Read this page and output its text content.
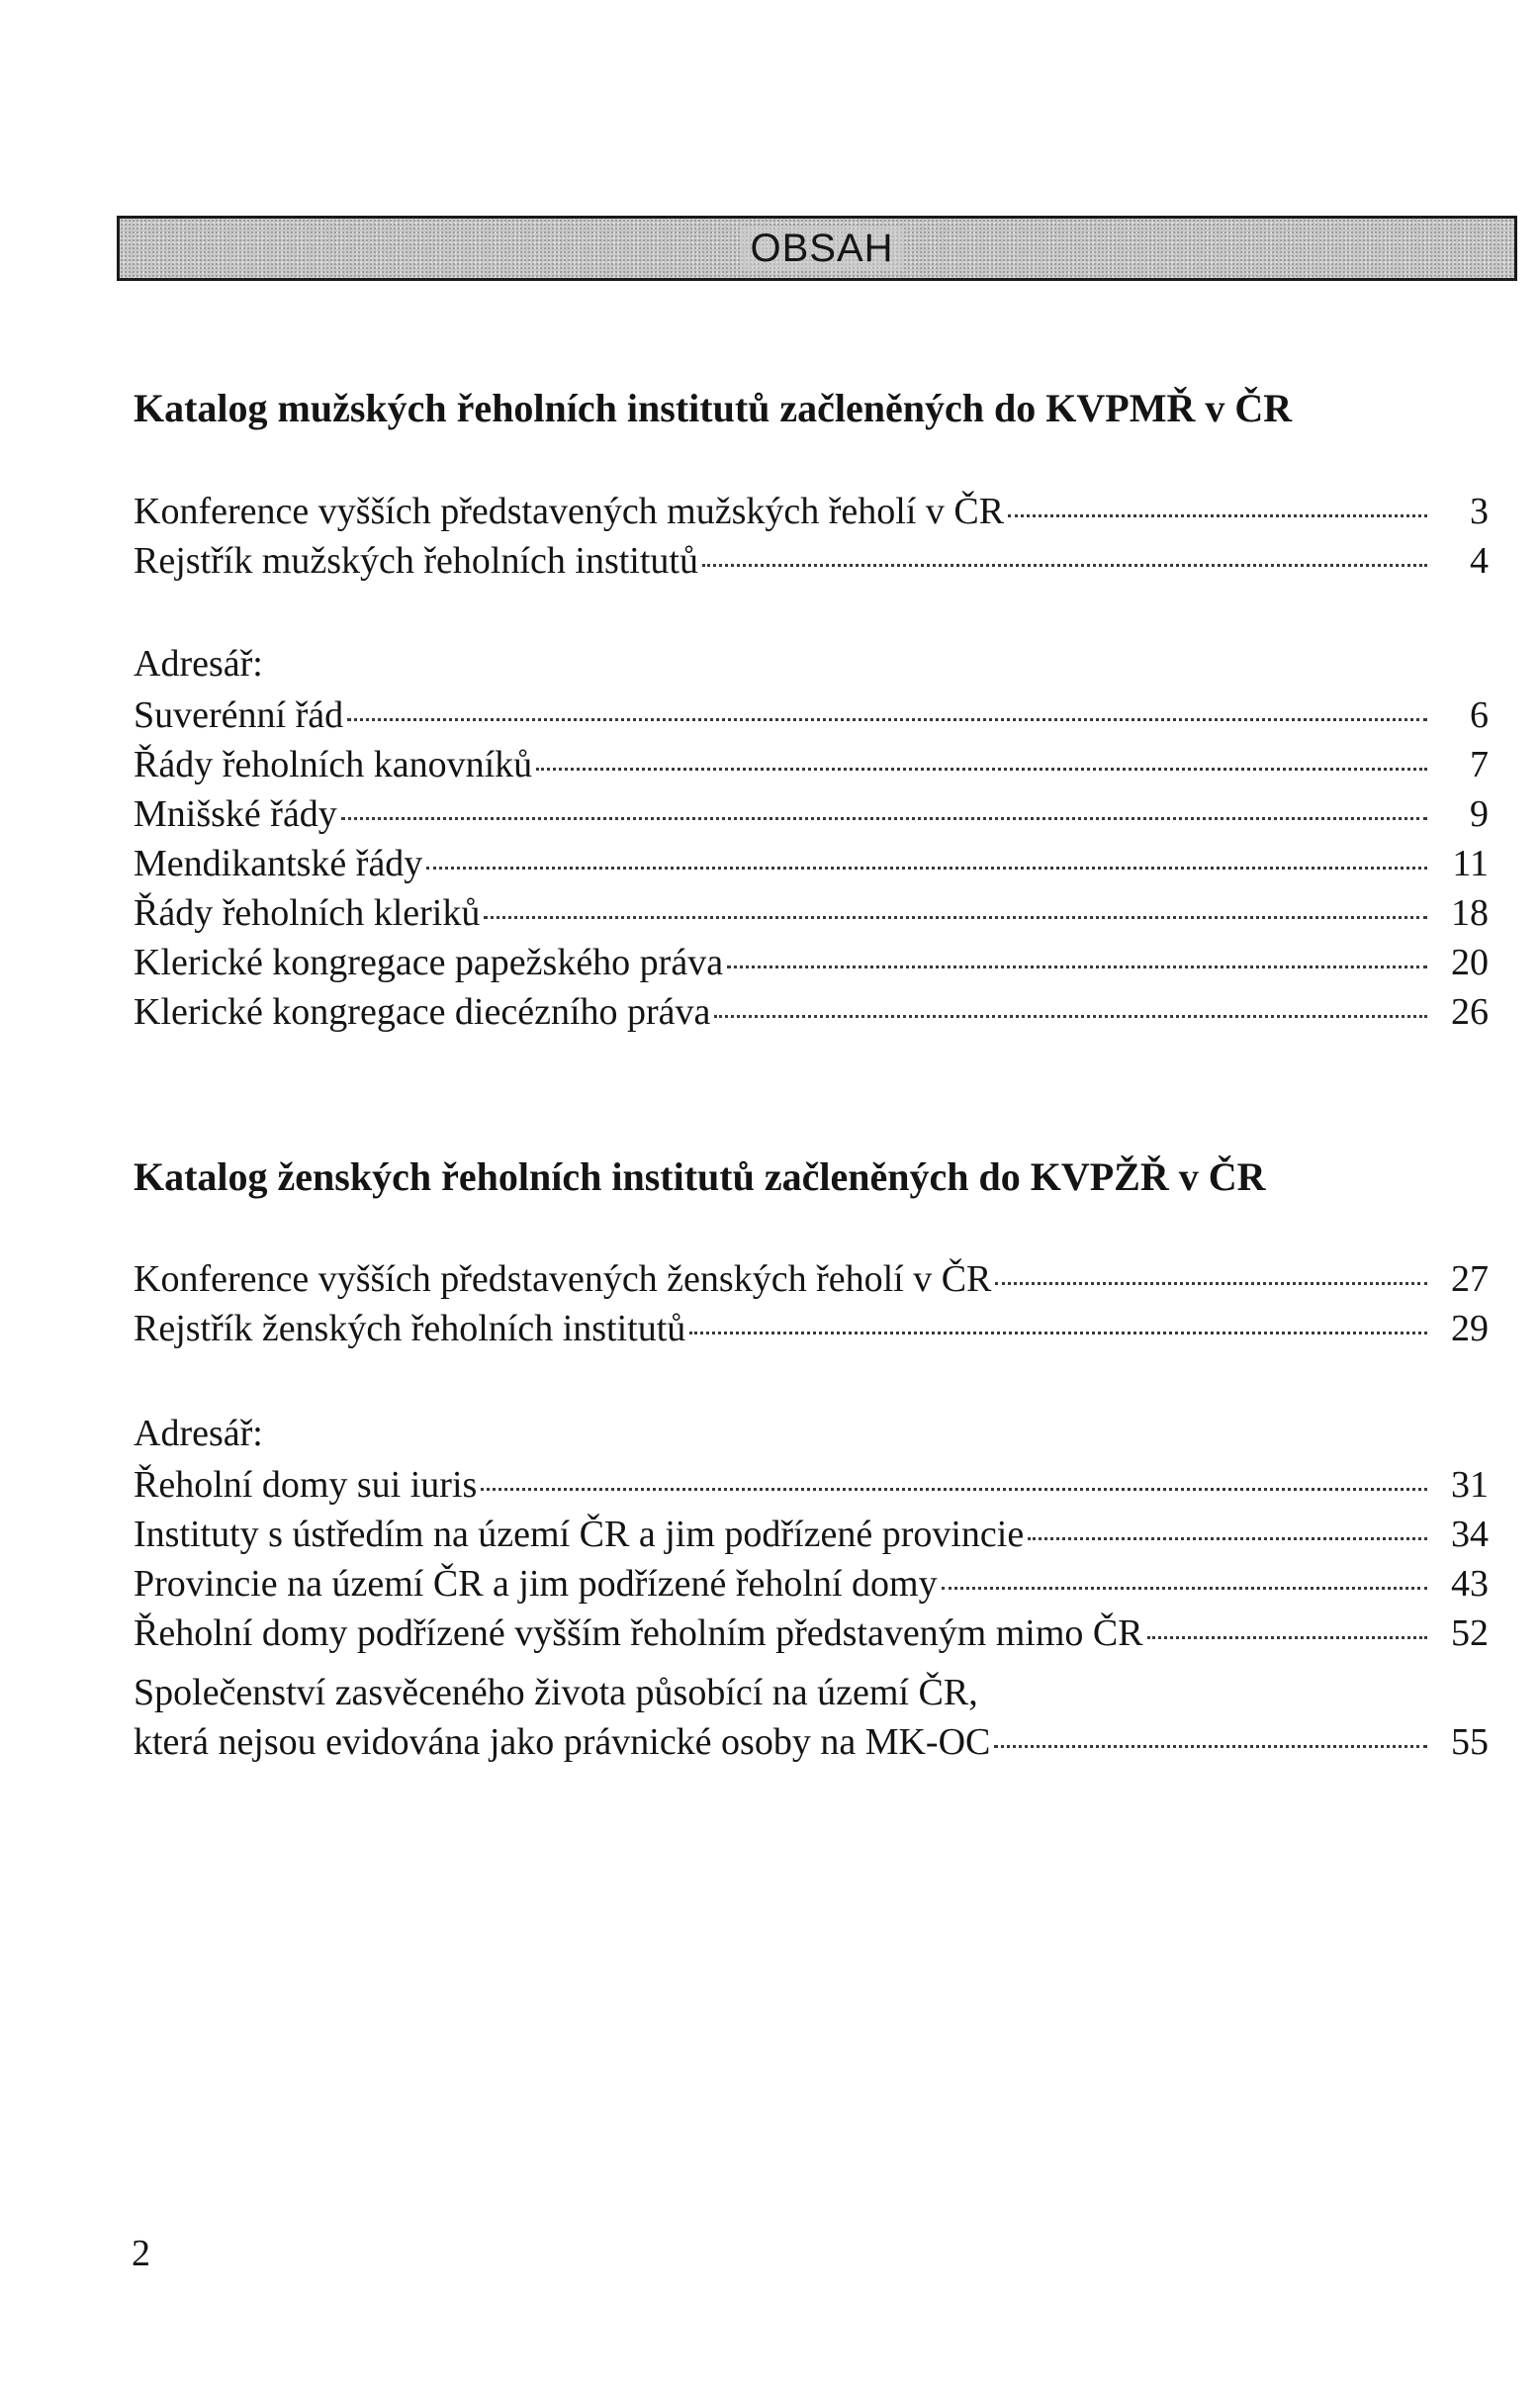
OBSAH
Katalog mužských řeholních institutů začleněných do KVPMŘ v ČR
Konference vyšších představených mužských řeholí v ČR	3
Rejstřík mužských řeholních institutů	4
Adresář:
Suverénní řád	6
Řády řeholních kanovníků	7
Mnišské řády	9
Mendikantské řády	11
Řády řeholních kleriků	18
Klerické kongregace papežského práva	20
Klerické kongregace diecézního práva	26
Katalog ženských řeholních institutů začleněných do KVPŽŘ v ČR
Konference vyšších představených ženských řeholí v ČR	27
Rejstřík ženských řeholních institutů	29
Adresář:
Řeholní domy sui iuris	31
Instituty s ústředím na území ČR a jim podřízené provincie	34
Provincie na území ČR a jim podřízené řeholní domy	43
Řeholní domy podřízené vyšším řeholním představeným mimo ČR	52
Společenství zasvěceného života působící na území ČR,
která nejsou evidována jako právnické osoby na MK-OC	55
2
